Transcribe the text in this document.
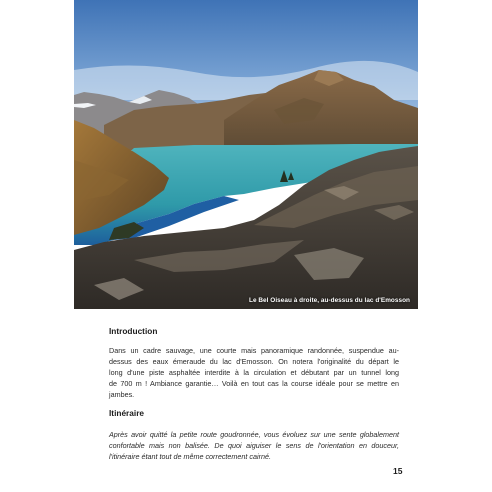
Le Bel Oiseau à droite, au-dessus du lac d'Emosson
Introduction
Dans un cadre sauvage, une courte mais panoramique randonnée, suspendue au-
dessus des eaux émeraude du lac d'Emosson. On notera l'originalité du départ le
long d'une piste asphaltée interdite à la circulation et débutant par un tunnel long
de 700 m ! Ambiance garantie… Voilà en tout cas la course idéale pour se mettre en
jambes.
Itinéraire
Après avoir quitté la petite route goudronnée, vous évoluez sur une sente globalement
confortable mais non balisée. De quoi aiguiser le sens de l'orientation en douceur,
l'itinéraire étant tout de même correctement cairné.
15
